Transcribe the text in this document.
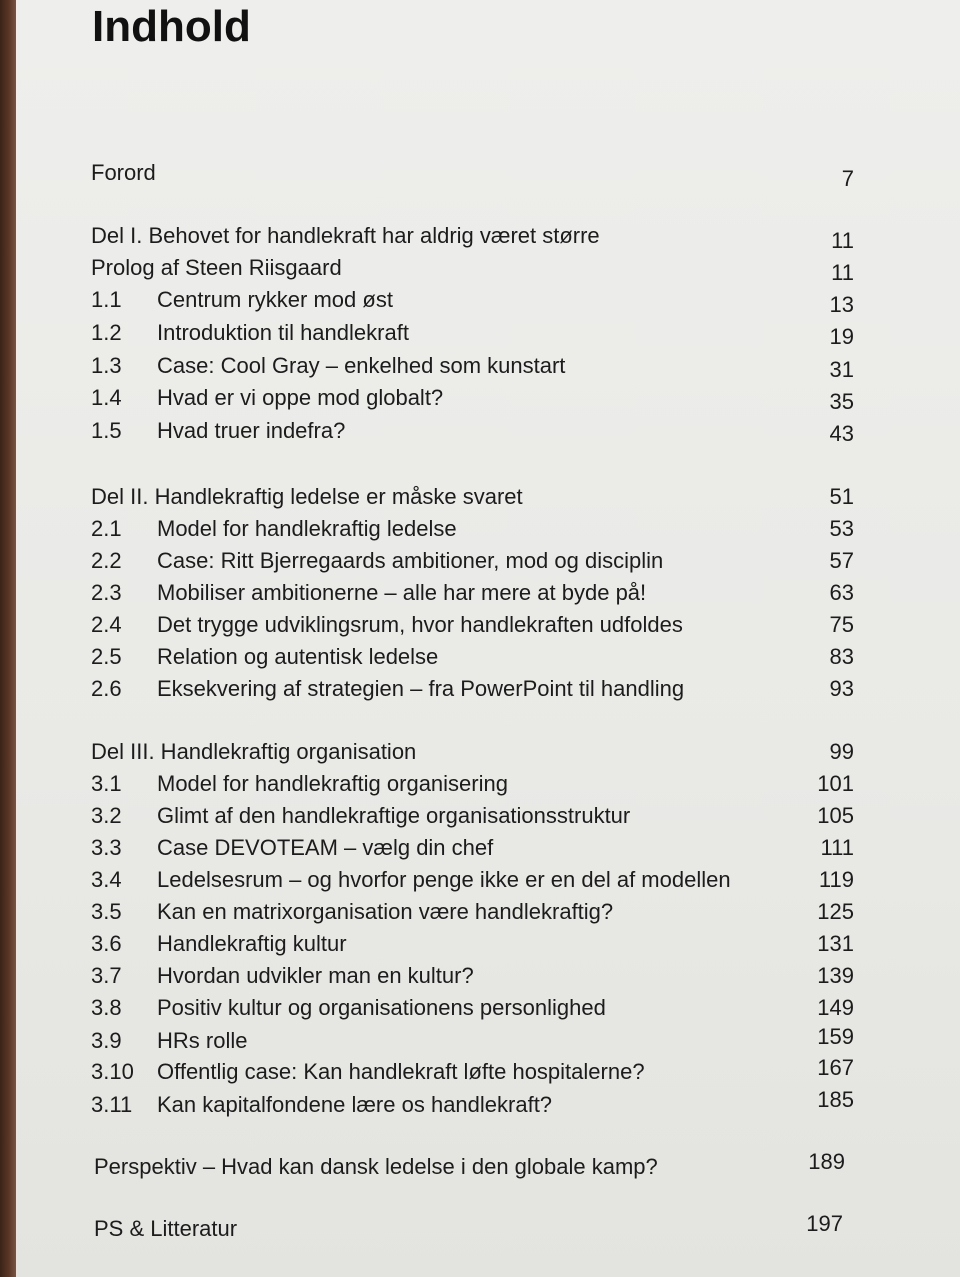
Indhold
Forord	7
Del I. Behovet for handlekraft har aldrig været større	11
Prolog af Steen Riisgaard	11
1.1 Centrum rykker mod øst	13
1.2 Introduktion til handlekraft	19
1.3 Case: Cool Gray – enkelhed som kunstart	31
1.4 Hvad er vi oppe mod globalt?	35
1.5 Hvad truer indefra?	43
Del II. Handlekraftig ledelse er måske svaret	51
2.1 Model for handlekraftig ledelse	53
2.2 Case: Ritt Bjerregaards ambitioner, mod og disciplin	57
2.3 Mobiliser ambitionerne – alle har mere at byde på!	63
2.4 Det trygge udviklingsrum, hvor handlekraften udfoldes	75
2.5 Relation og autentisk ledelse	83
2.6 Eksekvering af strategien – fra PowerPoint til handling	93
Del III. Handlekraftig organisation	99
3.1 Model for handlekraftig organisering	101
3.2 Glimt af den handlekraftige organisationsstruktur	105
3.3 Case DEVOTEAM – vælg din chef	111
3.4 Ledelsesrum – og hvorfor penge ikke er en del af modellen	119
3.5 Kan en matrixorganisation være handlekraftig?	125
3.6 Handlekraftig kultur	131
3.7 Hvordan udvikler man en kultur?	139
3.8 Positiv kultur og organisationens personlighed	149
3.9 HRs rolle	159
3.10 Offentlig case: Kan handlekraft løfte hospitalerne?	167
3.11 Kan kapitalfondene lære os handlekraft?	185
Perspektiv – Hvad kan dansk ledelse i den globale kamp?	189
PS & Litteratur	197
